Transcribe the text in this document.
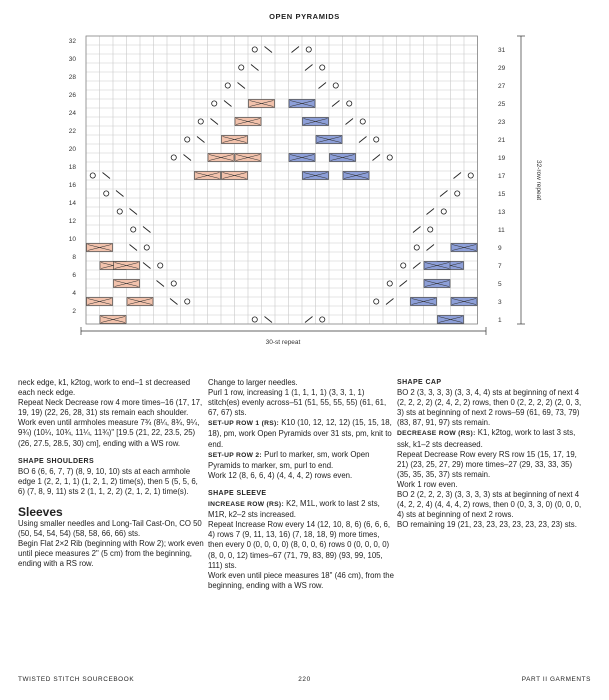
OPEN PYRAMIDS
32
30
28
26
24
22
20
18
16
14
12
10
8
6
4
2
31
29
27
25
23
21
19
17
15
13
11
9
7
5
3
1
30-st repeat
32-row repeat

neck edge, k1, k2tog, work to end–1 st decreased each neck edge.

Repeat Neck Decrease row 4 more times–16 (17, 17, 19, 19) (22, 26, 28, 31) sts remain each shoulder.

Work even until armholes measure 7¾ (8¼, 8¾, 9¼, 9¾) (10¼, 10¾, 11¼, 11¾)" [19.5 (21, 22, 23.5, 25) (26, 27.5, 28.5, 30) cm], ending with a WS row.

SHAPE SHOULDERS

BO 6 (6, 6, 7, 7) (8, 9, 10, 10) sts at each armhole edge 1 (2, 2, 1, 1) (1, 2, 1, 2) time(s), then 5 (5, 5, 6, 6) (7, 8, 9, 11) sts 2 (1, 1, 2, 2) (2, 1, 2, 1) time(s).

Sleeves

Using smaller needles and Long-Tail Cast-On, CO 50 (50, 54, 54, 54) (58, 58, 66, 66) sts.

Begin Flat 2×2 Rib (beginning with Row 2); work even until piece measures 2" (5 cm) from the beginning, ending with a RS row.

Change to larger needles.

Purl 1 row, increasing 1 (1, 1, 1, 1) (3, 3, 1, 1) stitch(es) evenly across–51 (51, 55, 55, 55) (61, 61, 67, 67) sts.

SET-UP ROW 1 (RS): K10 (10, 12, 12, 12) (15, 15, 18, 18), pm, work Open Pyramids over 31 sts, pm, knit to end.

SET-UP ROW 2: Purl to marker, sm, work Open Pyramids to marker, sm, purl to end.

Work 12 (8, 6, 6, 4) (4, 4, 4, 2) rows even.

SHAPE SLEEVE

INCREASE ROW (RS): K2, M1L, work to last 2 sts, M1R, k2–2 sts increased.

Repeat Increase Row every 14 (12, 10, 8, 6) (6, 6, 6, 4) rows 7 (9, 11, 13, 16) (7, 18, 18, 9) more times, then every 0 (0, 0, 0, 0) (8, 0, 0, 6) rows 0 (0, 0, 0, 0) (8, 0, 0, 12) times–67 (71, 79, 83, 89) (93, 99, 105, 111) sts.

Work even until piece measures 18" (46 cm), from the beginning, ending with a WS row.

SHAPE CAP

BO 2 (3, 3, 3, 3) (3, 3, 4, 4) sts at beginning of next 4 (2, 2, 2, 2) (2, 4, 2, 2) rows, then 0 (2, 2, 2, 2) (2, 0, 3, 3) sts at beginning of next 2 rows–59 (61, 69, 73, 79) (83, 87, 91, 97) sts remain.

DECREASE ROW (RS): K1, k2tog, work to last 3 sts, ssk, k1–2 sts decreased.

Repeat Decrease Row every RS row 15 (15, 17, 19, 21) (23, 25, 27, 29) more times–27 (29, 33, 33, 35) (35, 35, 35, 37) sts remain.

Work 1 row even.

BO 2 (2, 2, 2, 3) (3, 3, 3, 3) sts at beginning of next 4 (4, 2, 2, 4) (4, 4, 4, 2) rows, then 0 (0, 3, 3, 0) (0, 0, 0, 4) sts at beginning of next 2 rows.

BO remaining 19 (21, 23, 23, 23, 23, 23, 23, 23) sts.

TWISTED STITCH SOURCEBOOK	220	PART II GARMENTS
